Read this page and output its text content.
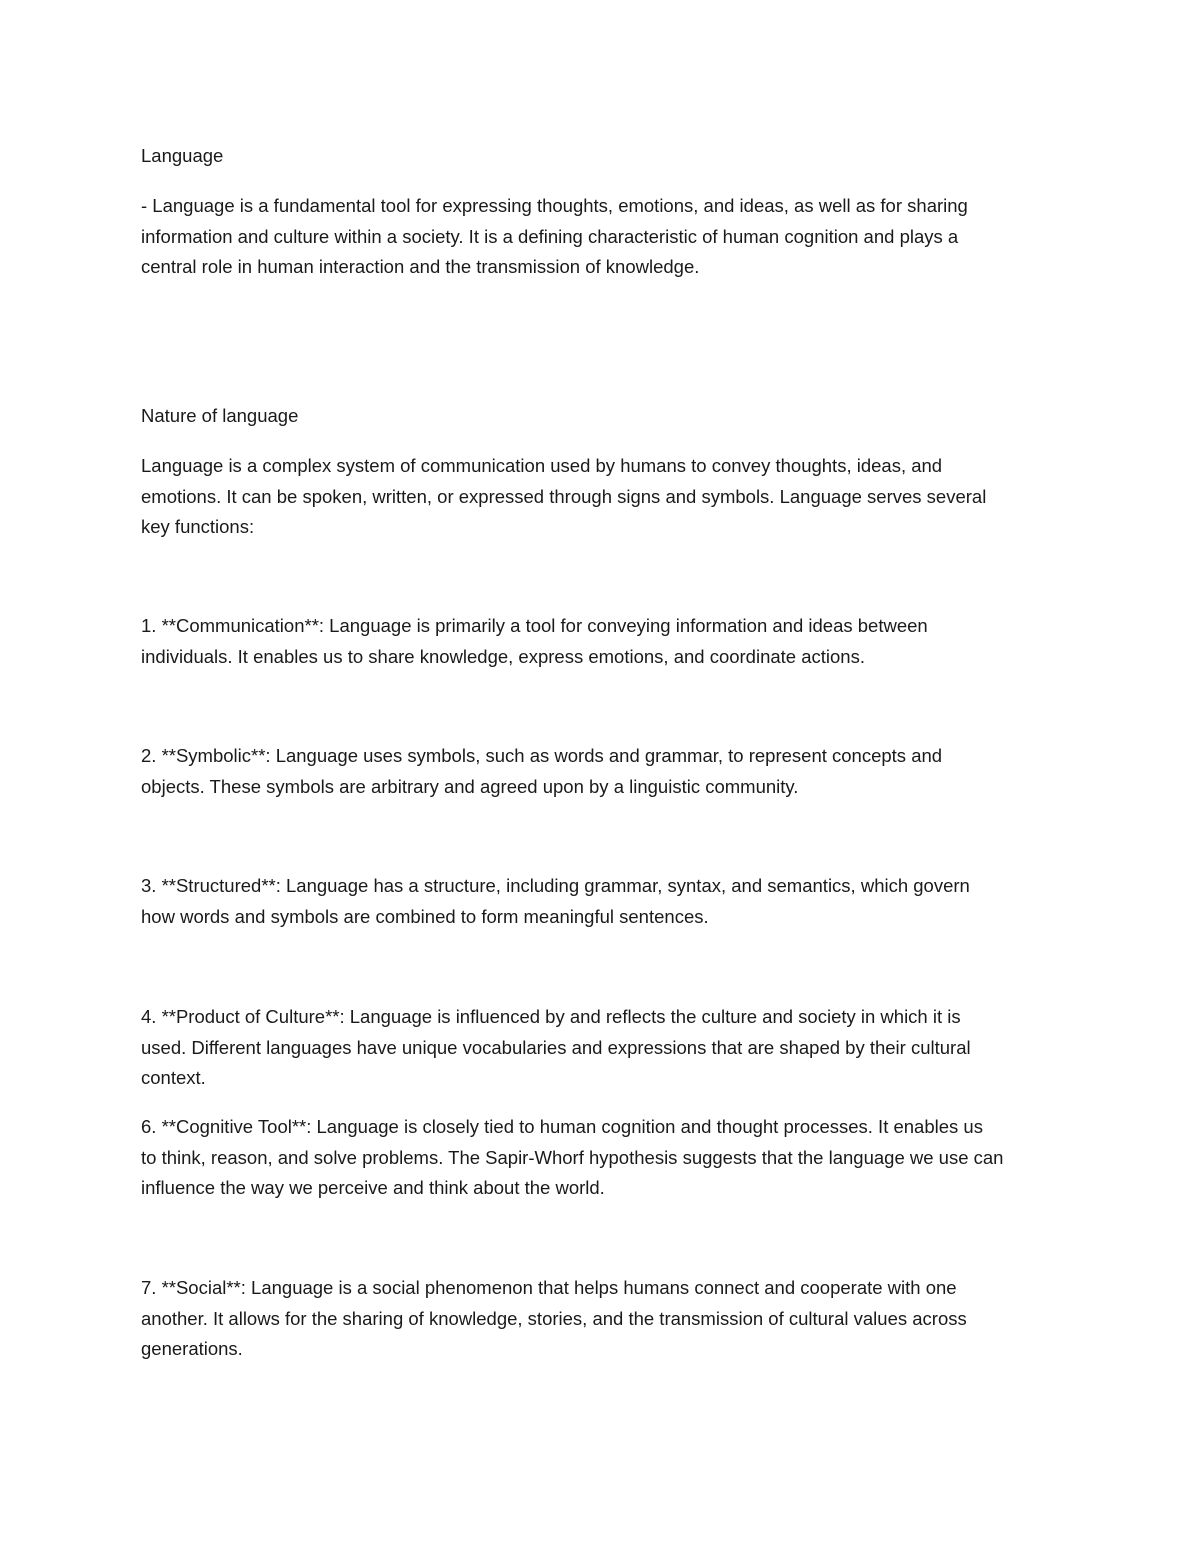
Language

- Language is a fundamental tool for expressing thoughts, emotions, and ideas, as well as for sharing
information and culture within a society. It is a defining characteristic of human cognition and plays a
central role in human interaction and the transmission of knowledge.

Nature of language

Language is a complex system of communication used by humans to convey thoughts, ideas, and
emotions. It can be spoken, written, or expressed through signs and symbols. Language serves several
key functions:

1. **Communication**: Language is primarily a tool for conveying information and ideas between
individuals. It enables us to share knowledge, express emotions, and coordinate actions.

2. **Symbolic**: Language uses symbols, such as words and grammar, to represent concepts and
objects. These symbols are arbitrary and agreed upon by a linguistic community.

3. **Structured**: Language has a structure, including grammar, syntax, and semantics, which govern
how words and symbols are combined to form meaningful sentences.

4. **Product of Culture**: Language is influenced by and reflects the culture and society in which it is
used. Different languages have unique vocabularies and expressions that are shaped by their cultural
context.

6. **Cognitive Tool**: Language is closely tied to human cognition and thought processes. It enables us
to think, reason, and solve problems. The Sapir-Whorf hypothesis suggests that the language we use can
influence the way we perceive and think about the world.

7. **Social**: Language is a social phenomenon that helps humans connect and cooperate with one
another. It allows for the sharing of knowledge, stories, and the transmission of cultural values across
generations.
